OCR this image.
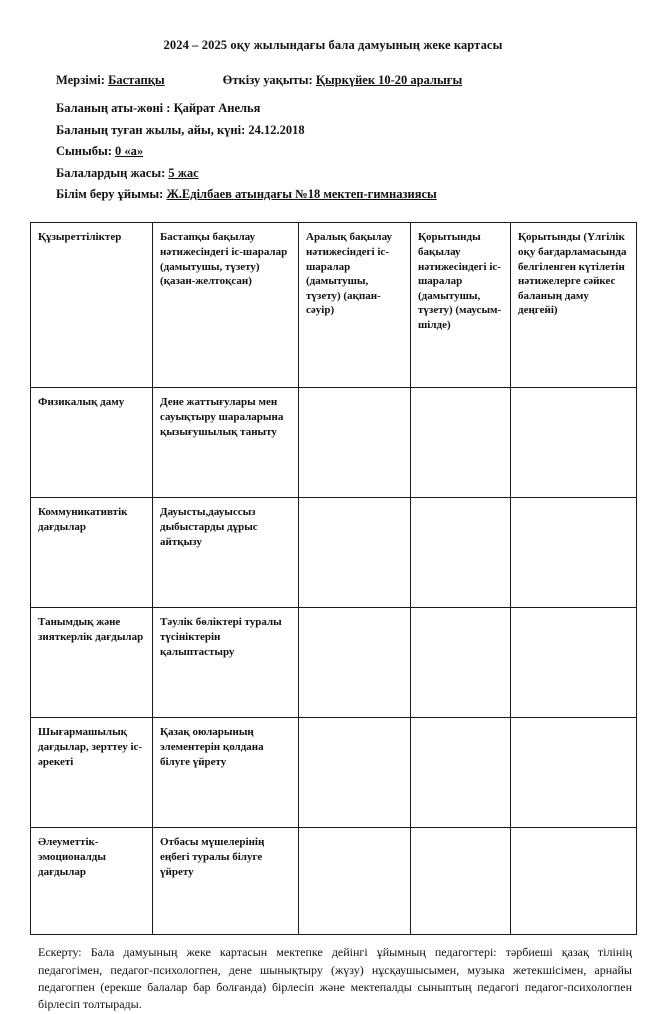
2024 – 2025 оқу жылындағы бала дамуының жеке картасы
Мерзімі:
Бастапқы	Өткізу уақыты:
Қыркүйек 10-20 аралығы
Баланың аты-жөні :
Қайрат Анелья
Баланың туған жылы, айы, күні:
24.12.2018
Сыныбы:
0 «а»
Балалардың жасы:
5 жас
Білім беру ұйымы:
Ж.Еділбаев атындағы №18 мектеп-гимназиясы
Құзыреттіліктер	Бастапқы бақылау нәтижесіндегі іс-шаралар (дамытушы, түзету) (қазан-желтоқсан)	Аралық бақылау нәтижесіндегі іс-шаралар (дамытушы, түзету) (ақпан-сәуір)	Қорытынды бақылау нәтижесіндегі іс-шаралар (дамытушы, түзету) (маусым-шілде)	Қорытынды (Үлгілік оқу бағдарламасында белгіленген күтілетін нәтижелерге сәйкес баланың даму деңгейі)
Физикалық даму	Дене жаттығулары мен сауықтыру шараларына қызығушылық таныту			
Коммуникативтік дағдылар	Дауысты,дауыссыз дыбыстарды дұрыс айтқызу			
Танымдық және зияткерлік дағдылар	Тәулік бөліктері туралы түсініктерін қалыптастыру			
Шығармашылық дағдылар, зерттеу іс-әрекеті	Қазақ оюларының элементерін қолдана білуге үйрету			
Әлеуметтік-эмоционалды дағдылар	Отбасы мүшелерінің еңбегі туралы білуге үйрету			
Ескерту: Бала дамуының жеке картасын мектепке дейінгі ұйымның педагогтері: тәрбиеші қазақ тілінің педагогімен, педагог-психологпен, дене шынықтыру (жүзу) нұсқаушысымен, музыка жетекшісімен, арнайы педагогпен (ерекше балалар бар болғанда) бірлесіп және мектепалды сыныптың педагогі педагог-психологпен бірлесіп толтырады.
